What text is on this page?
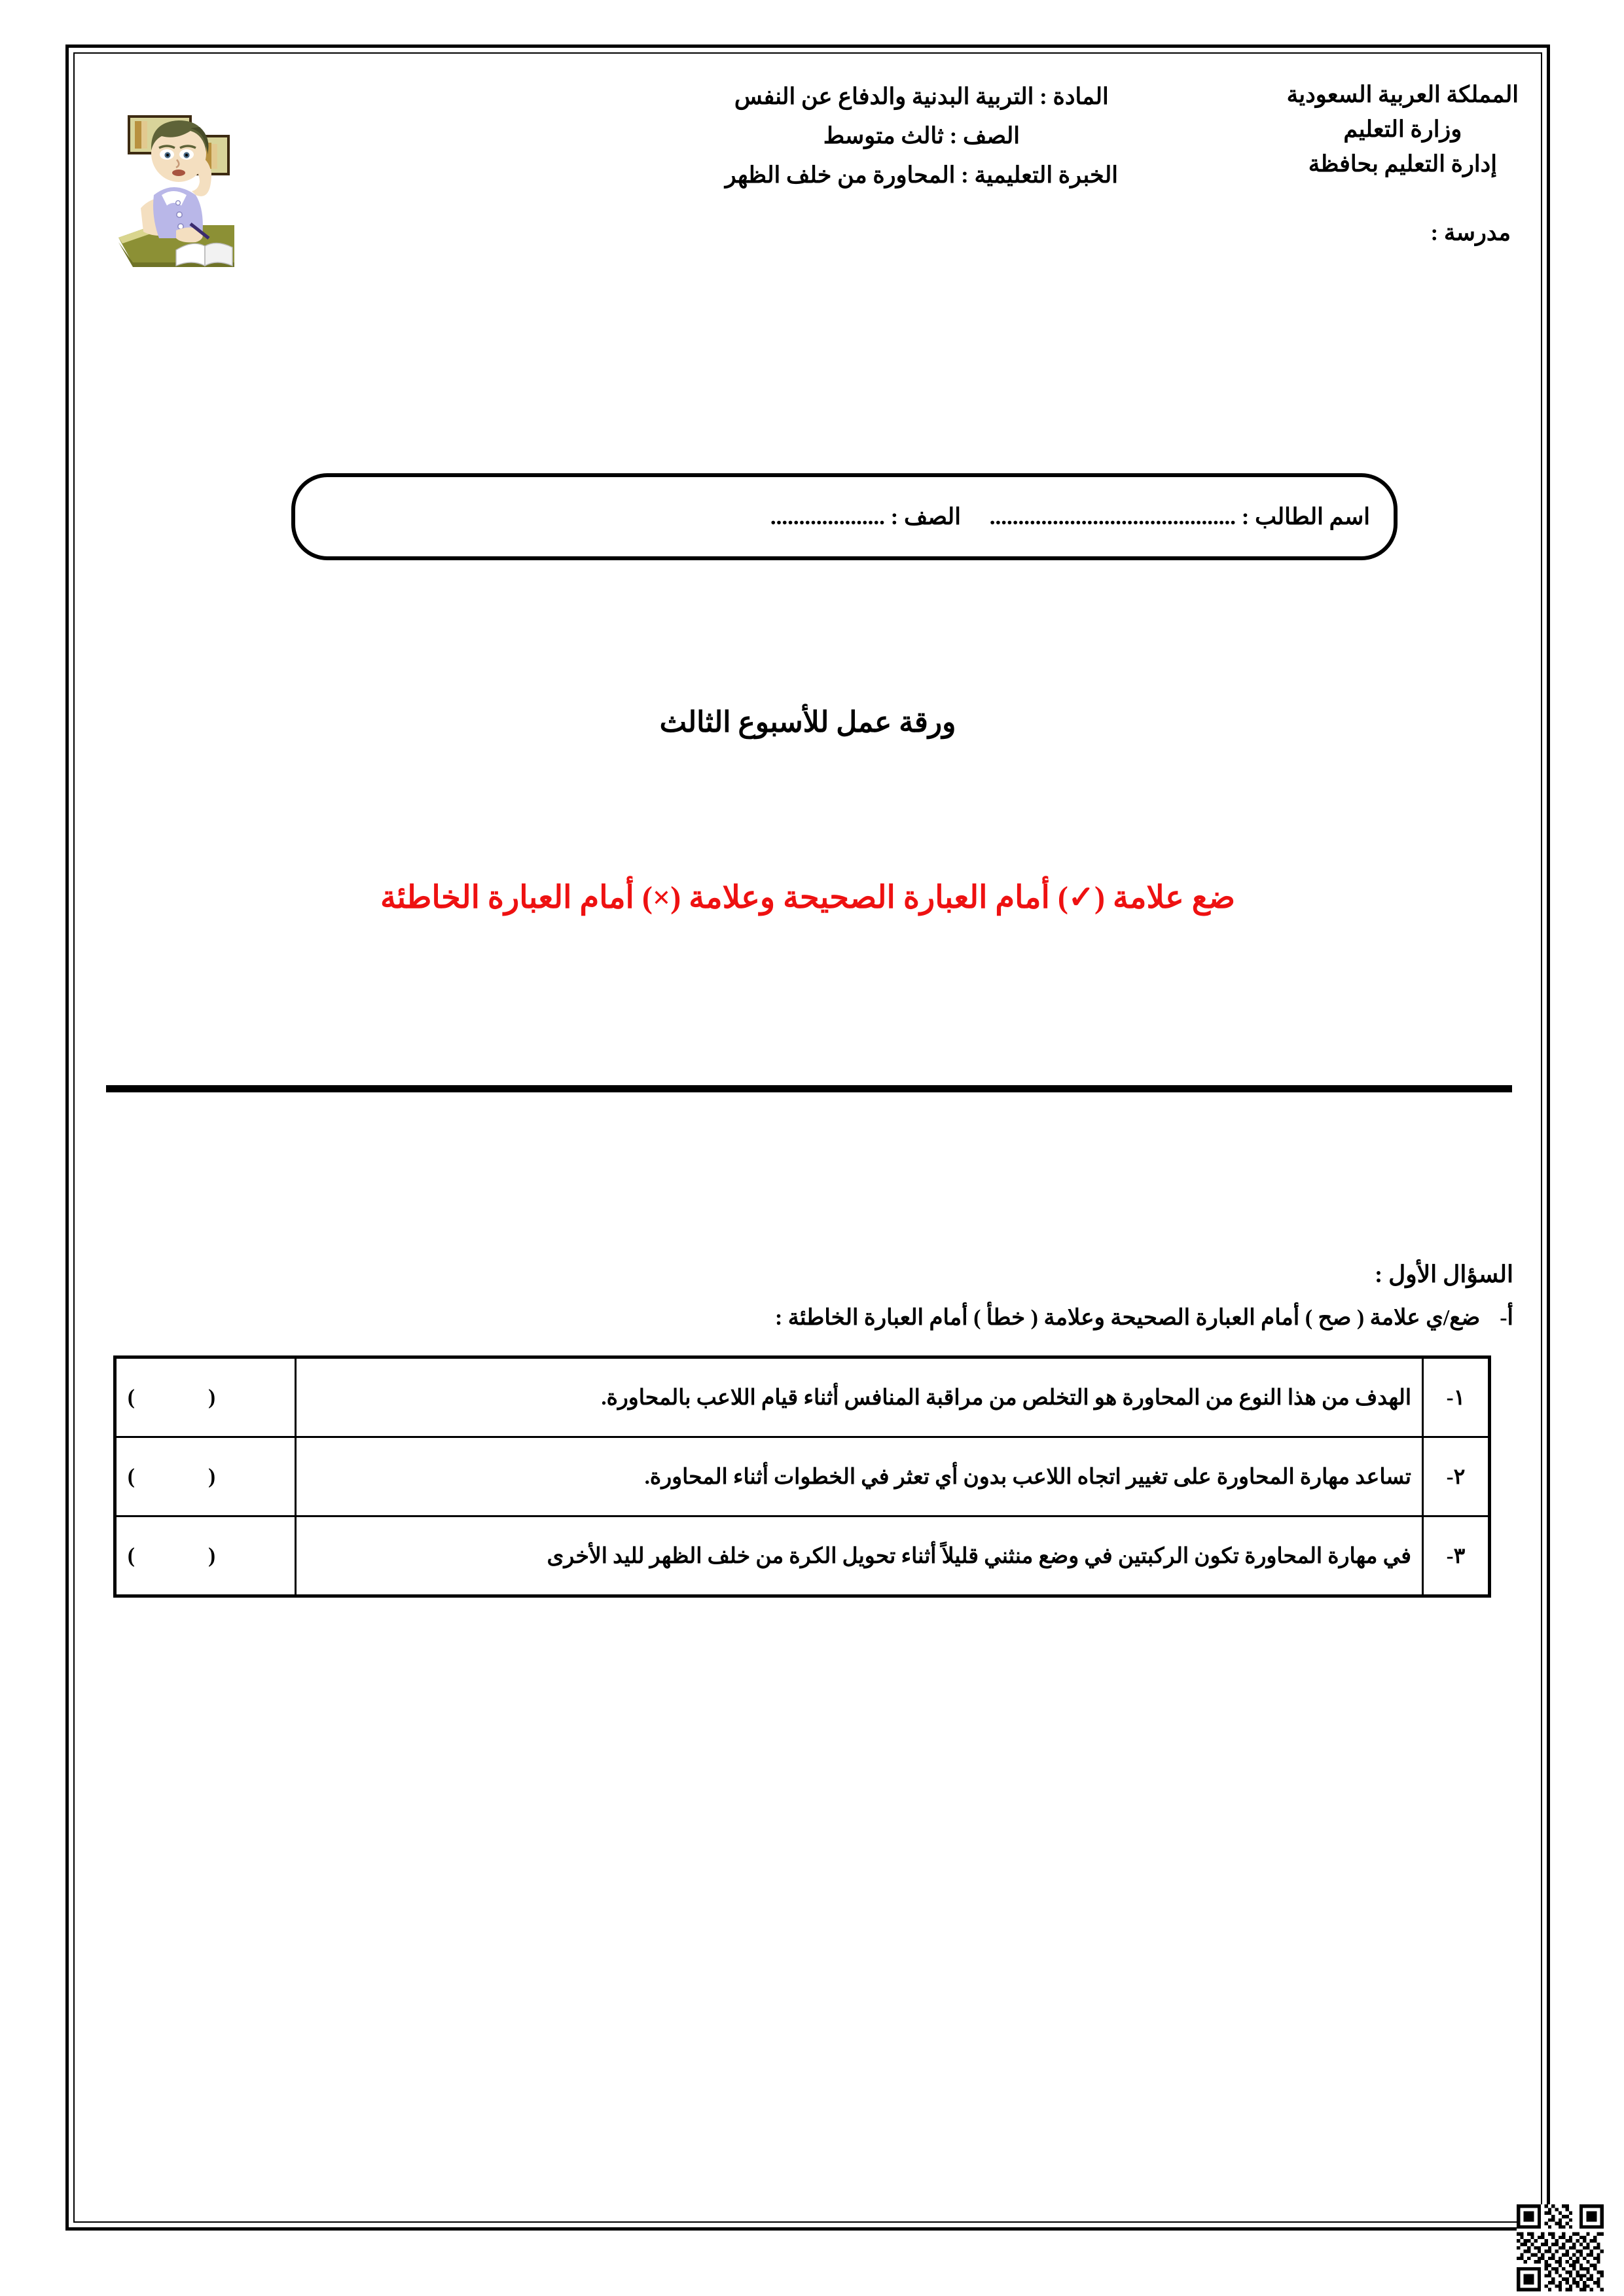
المادة : التربية البدنية والدفاع عن النفس
الصف : ثالث متوسط
الخبرة التعليمية : المحاورة من خلف الظهر
المملكة العربية السعودية
وزارة التعليم
إدارة التعليم بحافظة
مدرسة :
اسم الطالب : ...........................................     الصف : ....................
ورقة عمل للأسبوع الثالث
ضع علامة (✓) أمام العبارة الصحيحة وعلامة (×) أمام العبارة الخاطئة
السؤال الأول :
أ-ضع/ي علامة ( صح ) أمام العبارة الصحيحة وعلامة ( خطأ ) أمام العبارة الخاطئة :
١-	الهدف من هذا النوع من المحاورة هو التخلص من مراقبة المنافس أثناء قيام اللاعب بالمحاورة.	( )
٢-	تساعد مهارة المحاورة على تغيير اتجاه اللاعب بدون أي تعثر في الخطوات أثناء المحاورة.	( )
٣-	في مهارة المحاورة تكون الركبتين في وضع منثني قليلاً أثناء تحويل الكرة من خلف الظهر لليد الأخرى	( )
